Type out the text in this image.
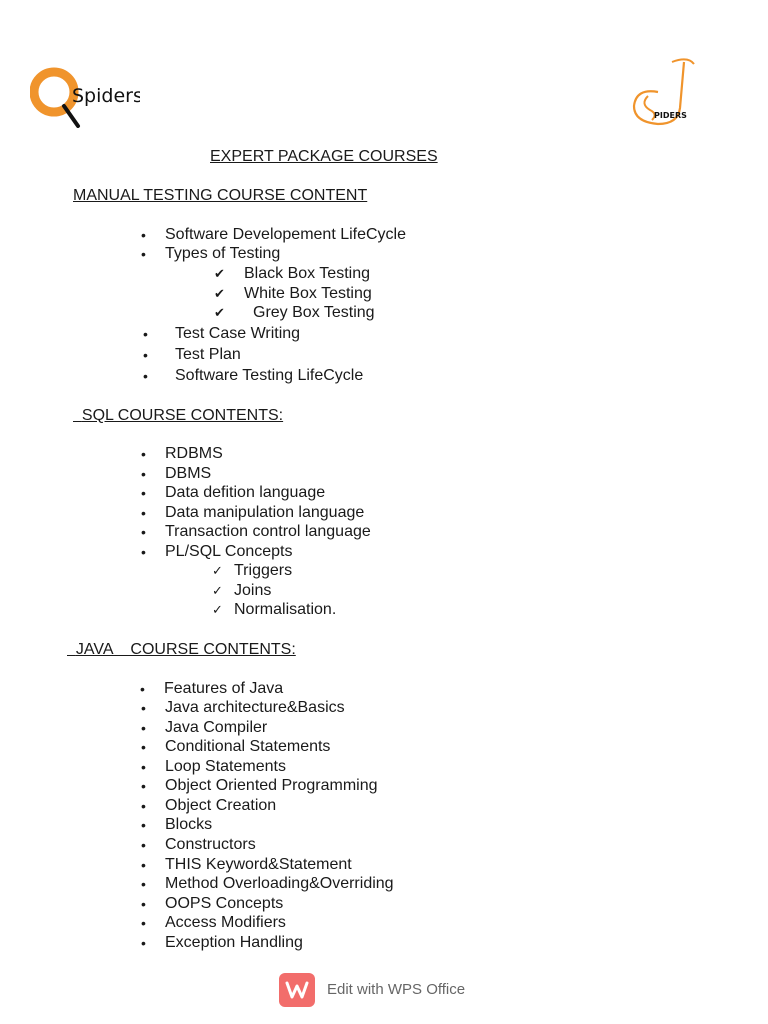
Spiders
PIDERS
EXPERT PACKAGE COURSES
MANUAL TESTING COURSE CONTENT
• Software Developement LifeCycle
• Types of Testing
✔ Black Box Testing
✔ White Box Testing
✔ Grey Box Testing
• Test Case Writing
• Test Plan
• Software Testing LifeCycle
SQL COURSE CONTENTS:
• RDBMS
• DBMS
• Data defition language
• Data manipulation language
• Transaction control language
• PL/SQL Concepts
✓ Triggers
✓ Joins
✓ Normalisation.
JAVA    COURSE CONTENTS:
• Features of Java
• Java architecture&Basics
• Java Compiler
• Conditional Statements
• Loop Statements
• Object Oriented Programming
• Object Creation
• Blocks
• Constructors
• THIS Keyword&Statement
• Method Overloading&Overriding
• OOPS Concepts
• Access Modifiers
• Exception Handling
Edit with WPS Office
